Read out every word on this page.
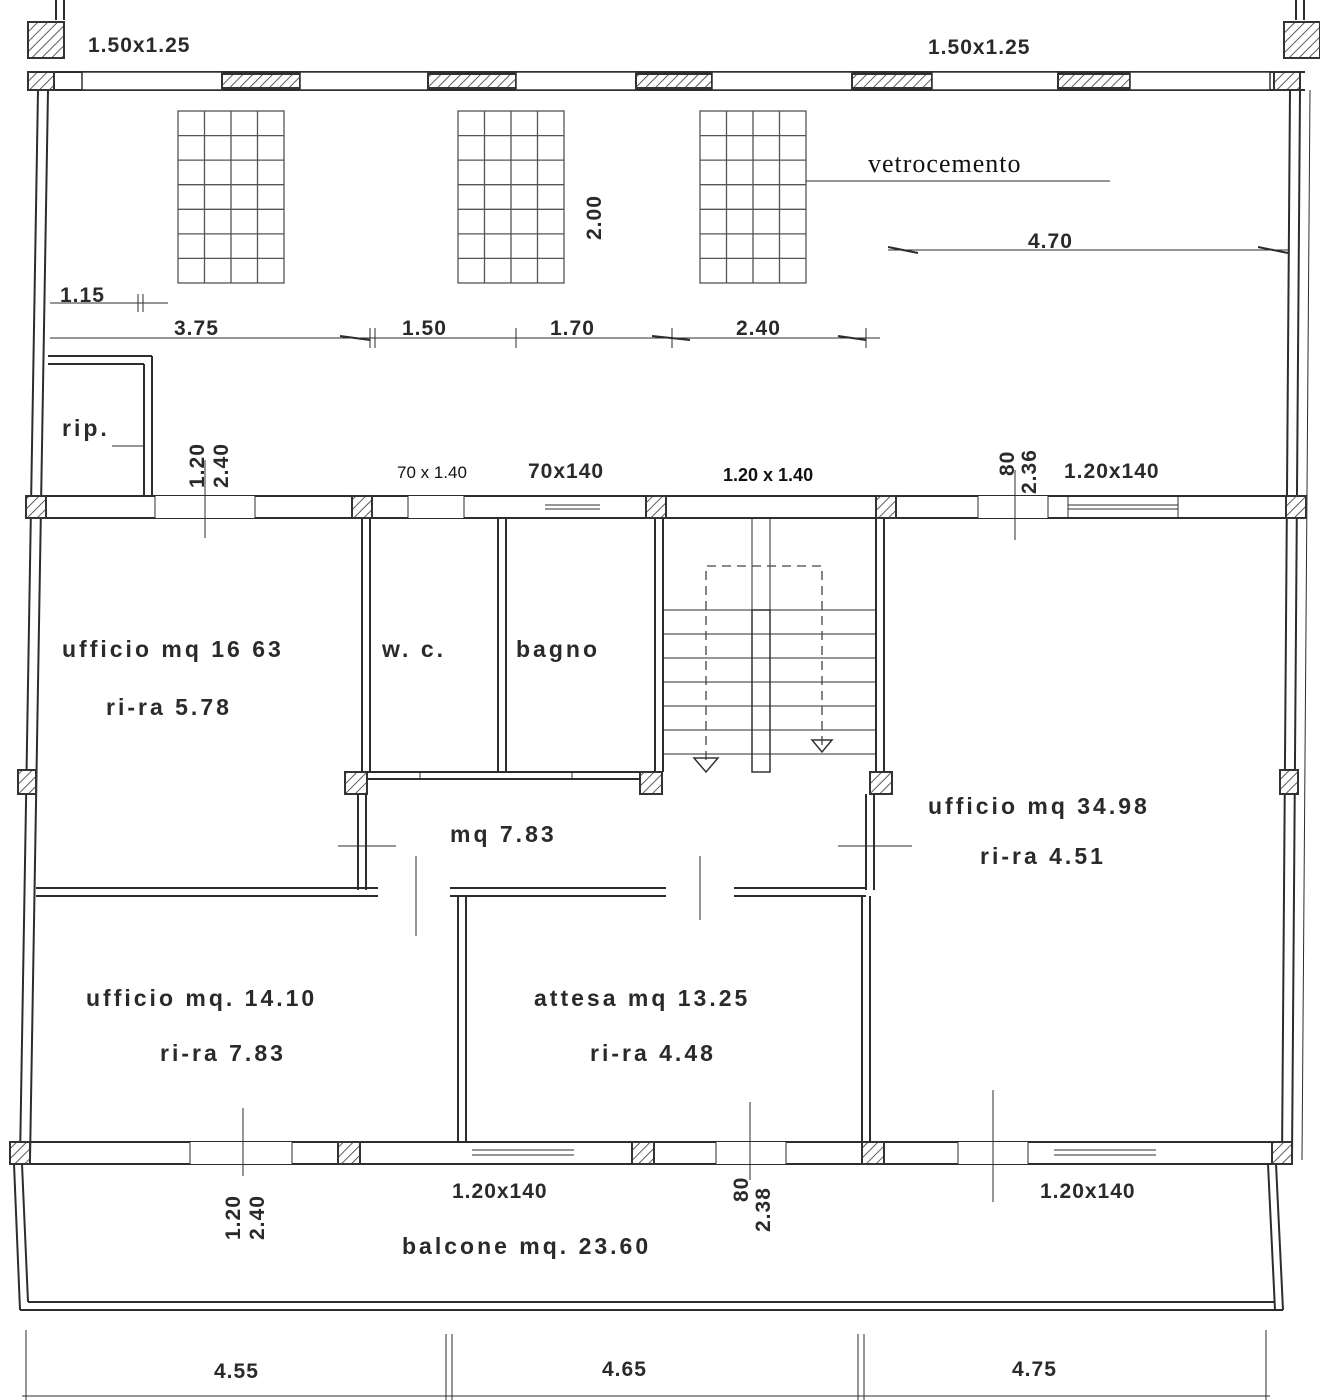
1.50x1.25	1.50x1.25
vetrocemento
2.00
4.70
1.15
3.75	1.50	1.70	2.40
rip.
1.20 2.40	70 x 1.40	70x140	1.20 x 1.40	80 2.36 1.20x140
ufficio mq 16 63
ri-ra 5.78
w. c.	bagno
mq 7.83
ufficio mq 34.98
ri-ra 4.51
ufficio mq. 14.10
ri-ra 7.83
attesa mq 13.25
ri-ra 4.48
1.20 2.40
1.20x140	80 2.38	1.20x140
balcone mq. 23.60
4.55	4.65	4.75
